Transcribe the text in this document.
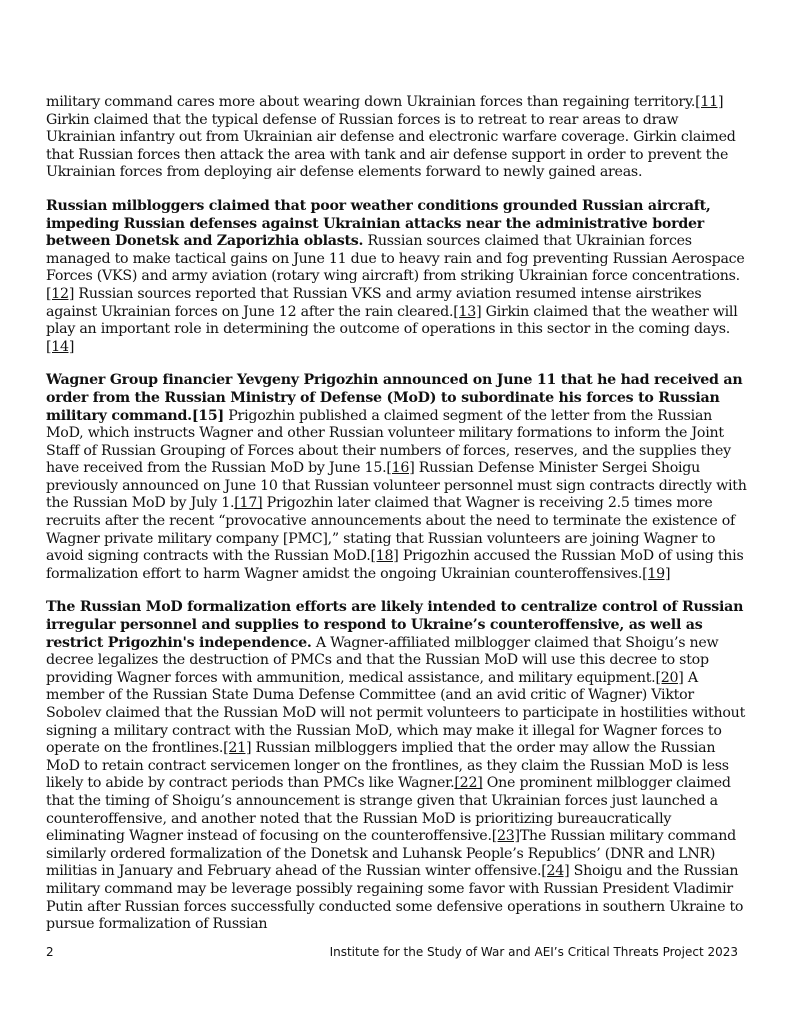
military command cares more about wearing down Ukrainian forces than regaining territory.[11] Girkin claimed that the typical defense of Russian forces is to retreat to rear areas to draw Ukrainian infantry out from Ukrainian air defense and electronic warfare coverage. Girkin claimed that Russian forces then attack the area with tank and air defense support in order to prevent the Ukrainian forces from deploying air defense elements forward to newly gained areas.

Russian milbloggers claimed that poor weather conditions grounded Russian aircraft, impeding Russian defenses against Ukrainian attacks near the administrative border between Donetsk and Zaporizhia oblasts. Russian sources claimed that Ukrainian forces managed to make tactical gains on June 11 due to heavy rain and fog preventing Russian Aerospace Forces (VKS) and army aviation (rotary wing aircraft) from striking Ukrainian force concentrations.[12] Russian sources reported that Russian VKS and army aviation resumed intense airstrikes against Ukrainian forces on June 12 after the rain cleared.[13] Girkin claimed that the weather will play an important role in determining the outcome of operations in this sector in the coming days.[14]

Wagner Group financier Yevgeny Prigozhin announced on June 11 that he had received an order from the Russian Ministry of Defense (MoD) to subordinate his forces to Russian military command.[15] Prigozhin published a claimed segment of the letter from the Russian MoD, which instructs Wagner and other Russian volunteer military formations to inform the Joint Staff of Russian Grouping of Forces about their numbers of forces, reserves, and the supplies they have received from the Russian MoD by June 15.[16] Russian Defense Minister Sergei Shoigu previously announced on June 10 that Russian volunteer personnel must sign contracts directly with the Russian MoD by July 1.[17] Prigozhin later claimed that Wagner is receiving 2.5 times more recruits after the recent “provocative announcements about the need to terminate the existence of Wagner private military company [PMC],” stating that Russian volunteers are joining Wagner to avoid signing contracts with the Russian MoD.[18] Prigozhin accused the Russian MoD of using this formalization effort to harm Wagner amidst the ongoing Ukrainian counteroffensives.[19]

The Russian MoD formalization efforts are likely intended to centralize control of Russian irregular personnel and supplies to respond to Ukraine’s counteroffensive, as well as restrict Prigozhin's independence. A Wagner-affiliated milblogger claimed that Shoigu’s new decree legalizes the destruction of PMCs and that the Russian MoD will use this decree to stop providing Wagner forces with ammunition, medical assistance, and military equipment.[20] A member of the Russian State Duma Defense Committee (and an avid critic of Wagner) Viktor Sobolev claimed that the Russian MoD will not permit volunteers to participate in hostilities without signing a military contract with the Russian MoD, which may make it illegal for Wagner forces to operate on the frontlines.[21] Russian milbloggers implied that the order may allow the Russian MoD to retain contract servicemen longer on the frontlines, as they claim the Russian MoD is less likely to abide by contract periods than PMCs like Wagner.[22] One prominent milblogger claimed that the timing of Shoigu’s announcement is strange given that Ukrainian forces just launched a counteroffensive, and another noted that the Russian MoD is prioritizing bureaucratically eliminating Wagner instead of focusing on the counteroffensive.[23]The Russian military command similarly ordered formalization of the Donetsk and Luhansk People’s Republics’ (DNR and LNR) militias in January and February ahead of the Russian winter offensive.[24] Shoigu and the Russian military command may be leverage possibly regaining some favor with Russian President Vladimir Putin after Russian forces successfully conducted some defensive operations in southern Ukraine to pursue formalization of Russian

2	Institute for the Study of War and AEI’s Critical Threats Project 2023
